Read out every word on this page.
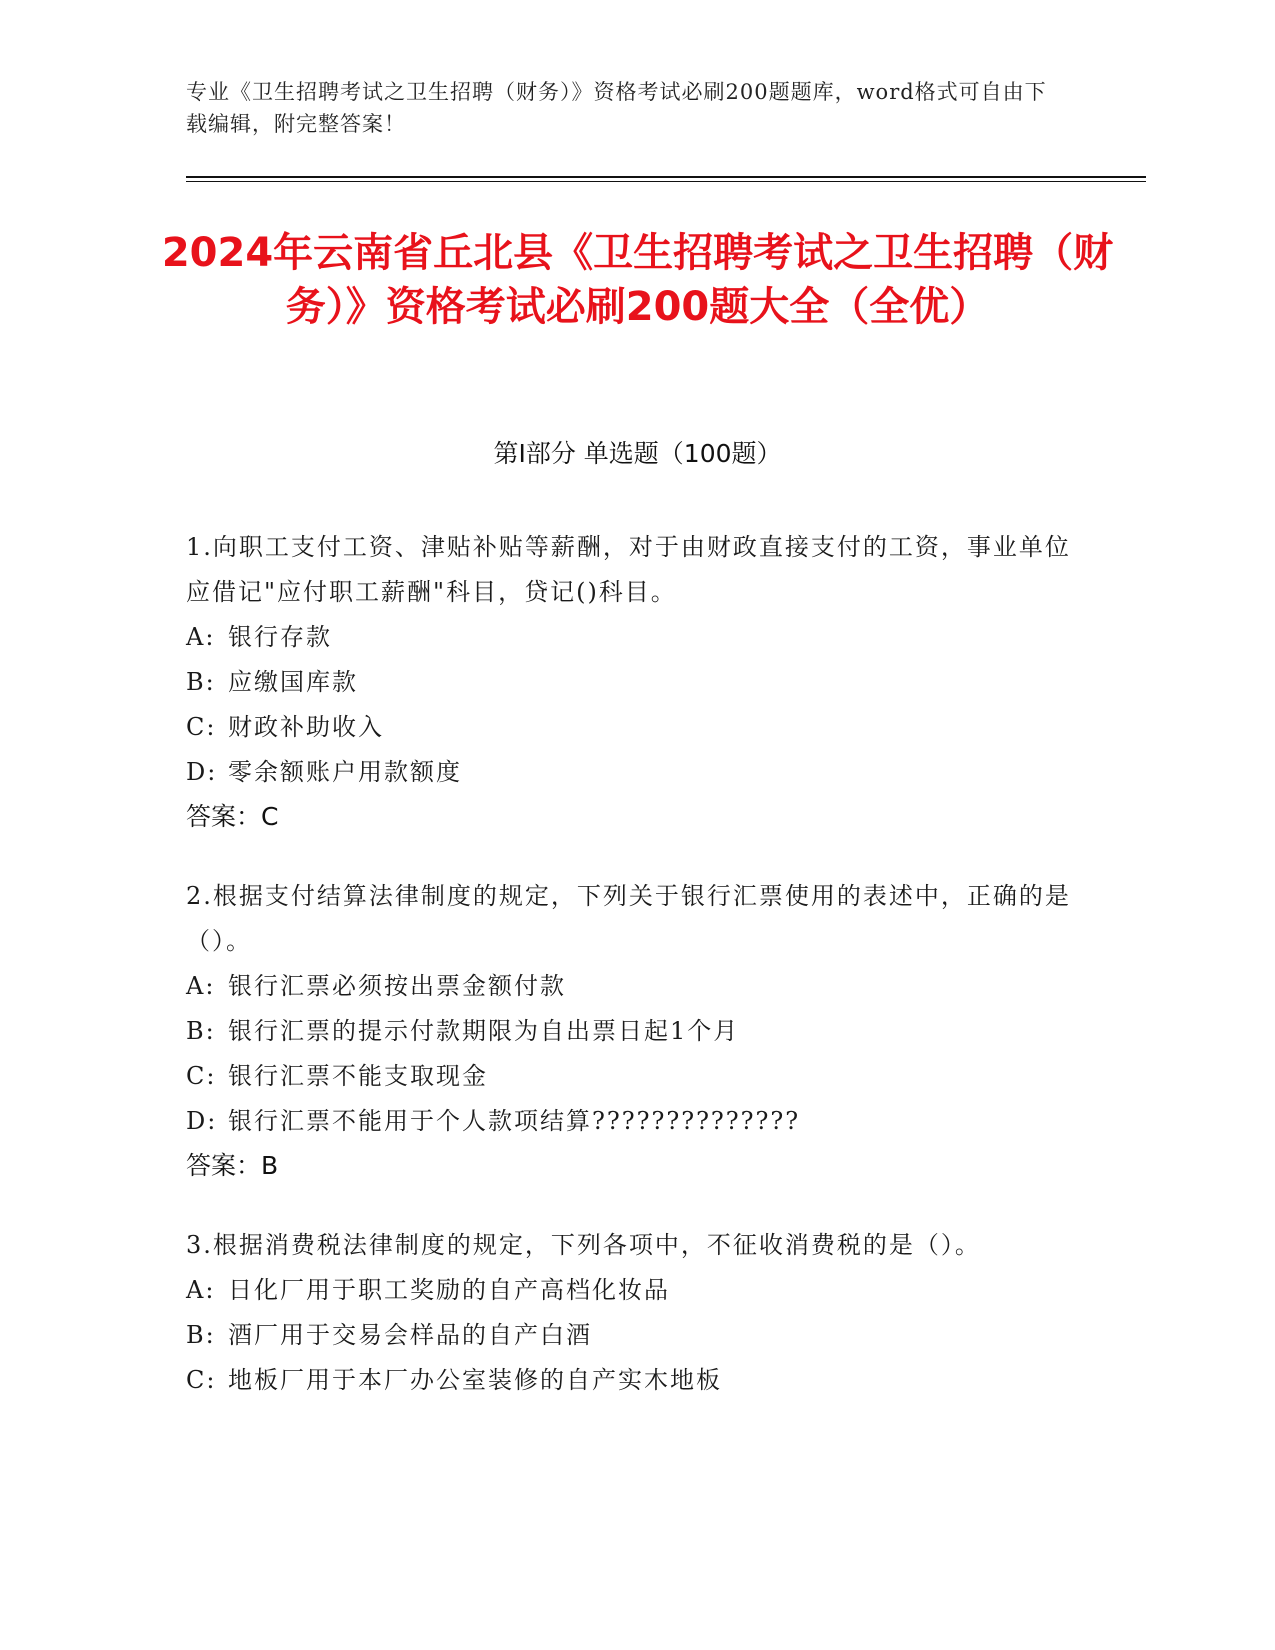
专业《卫生招聘考试之卫生招聘（财务）》资格考试必刷200题题库，word格式可自由下载编辑，附完整答案！
2024年云南省丘北县《卫生招聘考试之卫生招聘（财务）》资格考试必刷200题大全（全优）
第Ⅰ部分 单选题（100题）
1.向职工支付工资、津贴补贴等薪酬，对于由财政直接支付的工资，事业单位应借记"应付职工薪酬"科目，贷记()科目。
A: 银行存款
B: 应缴国库款
C: 财政补助收入
D: 零余额账户用款额度
答案：C
2.根据支付结算法律制度的规定，下列关于银行汇票使用的表述中，正确的是（）。
A: 银行汇票必须按出票金额付款
B: 银行汇票的提示付款期限为自出票日起1个月
C: 银行汇票不能支取现金
D: 银行汇票不能用于个人款项结算??????????????
答案：B
3.根据消费税法律制度的规定，下列各项中，不征收消费税的是（）。
A: 日化厂用于职工奖励的自产高档化妆品
B: 酒厂用于交易会样品的自产白酒
C: 地板厂用于本厂办公室装修的自产实木地板
